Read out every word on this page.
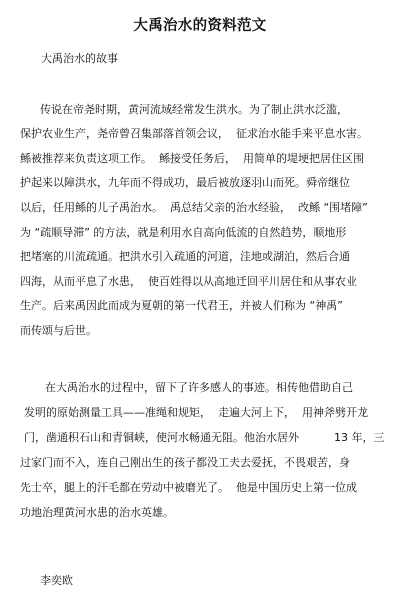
大禹治水的资料范文
大禹治水的故事
传说在帝尧时期，黄河流域经常发生洪水。为了制止洪水泛滥，
保护农业生产，尧帝曾召集部落首领会议，  征求治水能手来平息水害。
鲧被推荐来负责这项工作。  鲧接受任务后，  用简单的堤埂把居住区围
护起来以障洪水，九年而不得成功，最后被放逐羽山而死。舜帝继位
以后，任用鲧的儿子禹治水。  禹总结父亲的治水经验，  改鲧 “围堵障”
为 “疏顺导滞” 的方法，就是利用水自高向低流的自然趋势，顺地形
把堵塞的川流疏通。把洪水引入疏通的河道，洼地或湖泊，然后合通
四海，从而平息了水患，  使百姓得以从高地迁回平川居住和从事农业
生产。后来禹因此而成为夏朝的第一代君王，并被人们称为 “神禹”
而传颂与后世。
在大禹治水的过程中，留下了许多感人的事迹。相传他借助自己
发明的原始测量工具——准绳和规矩，  走遍大河上下，  用神斧劈开龙
门，凿通积石山和青铜峡，使河水畅通无阻。他治水居外          13 年，三
过家门而不入，连自己刚出生的孩子都没工夫去爱抚，不畏艰苦，身
先士卒，腿上的汗毛都在劳动中被磨光了。  他是中国历史上第一位成
功地治理黄河水患的治水英雄。
李奕欧
